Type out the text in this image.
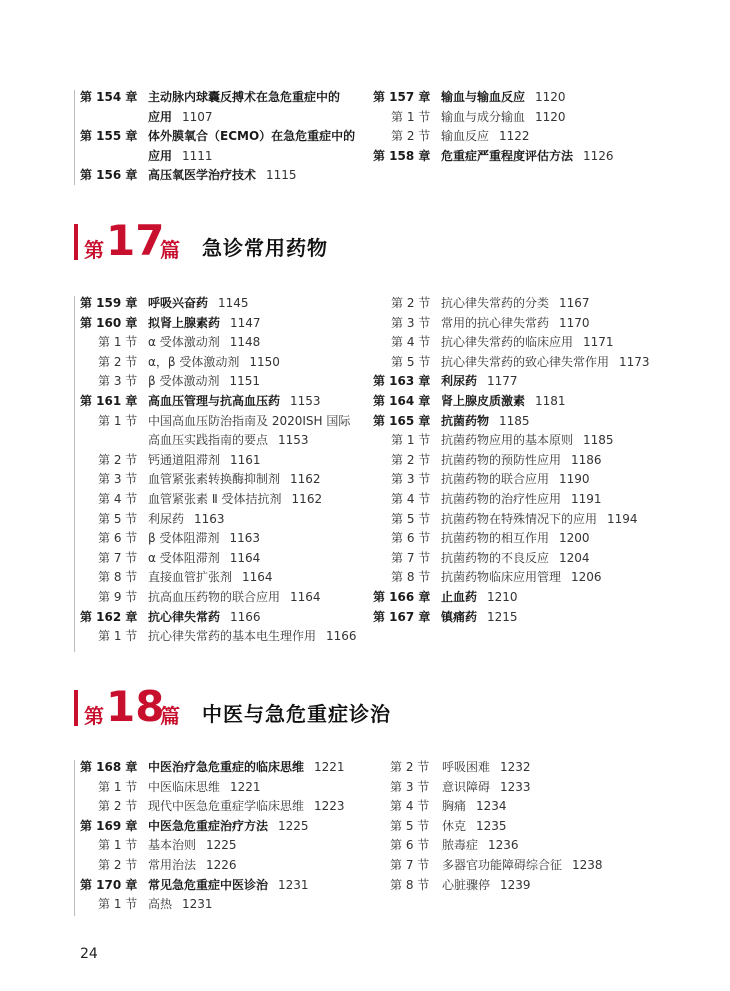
第 154 章 主动脉内球囊反搏术在急危重症中的
应用 1107
第 155 章 体外膜氧合（ECMO）在急危重症中的
应用 1111
第 156 章 高压氧医学治疗技术 1115
第 157 章 输血与输血反应 1120
第 1 节 输血与成分输血 1120
第 2 节 输血反应 1122
第 158 章 危重症严重程度评估方法 1126
第 17
篇 急诊常用药物
第 159 章 呼吸兴奋药 1145
第 160 章 拟肾上腺素药 1147
第 1 节 α 受体激动剂 1148
第 2 节 α，β 受体激动剂 1150
第 3 节 β 受体激动剂 1151
第 161 章 高血压管理与抗高血压药 1153
第 1 节 中国高血压防治指南及 2020ISH 国际
高血压实践指南的要点 1153
第 2 节 钙通道阻滞剂 1161
第 3 节 血管紧张素转换酶抑制剂 1162
第 4 节 血管紧张素 Ⅱ 受体拮抗剂 1162
第 5 节 利尿药 1163
第 6 节 β 受体阻滞剂 1163
第 7 节 α 受体阻滞剂 1164
第 8 节 直接血管扩张剂 1164
第 9 节 抗高血压药物的联合应用 1164
第 162 章 抗心律失常药 1166
第 1 节 抗心律失常药的基本电生理作用 1166
第 2 节 抗心律失常药的分类 1167
第 3 节 常用的抗心律失常药 1170
第 4 节 抗心律失常药的临床应用 1171
第 5 节 抗心律失常药的致心律失常作用 1173
第 163 章 利尿药 1177
第 164 章 肾上腺皮质激素 1181
第 165 章 抗菌药物 1185
第 1 节 抗菌药物应用的基本原则 1185
第 2 节 抗菌药物的预防性应用 1186
第 3 节 抗菌药物的联合应用 1190
第 4 节 抗菌药物的治疗性应用 1191
第 5 节 抗菌药物在特殊情况下的应用 1194
第 6 节 抗菌药物的相互作用 1200
第 7 节 抗菌药物的不良反应 1204
第 8 节 抗菌药物临床应用管理 1206
第 166 章 止血药 1210
第 167 章 镇痛药 1215
第 18
篇 中医与急危重症诊治
第 168 章 中医治疗急危重症的临床思维 1221
第 1 节 中医临床思维 1221
第 2 节 现代中医急危重症学临床思维 1223
第 169 章 中医急危重症治疗方法 1225
第 1 节 基本治则 1225
第 2 节 常用治法 1226
第 170 章 常见急危重症中医诊治 1231
第 1 节 高热 1231
第 2 节 呼吸困难 1232
第 3 节 意识障碍 1233
第 4 节 胸痛 1234
第 5 节 休克 1235
第 6 节 脓毒症 1236
第 7 节 多器官功能障碍综合征 1238
第 8 节 心脏骤停 1239
24
